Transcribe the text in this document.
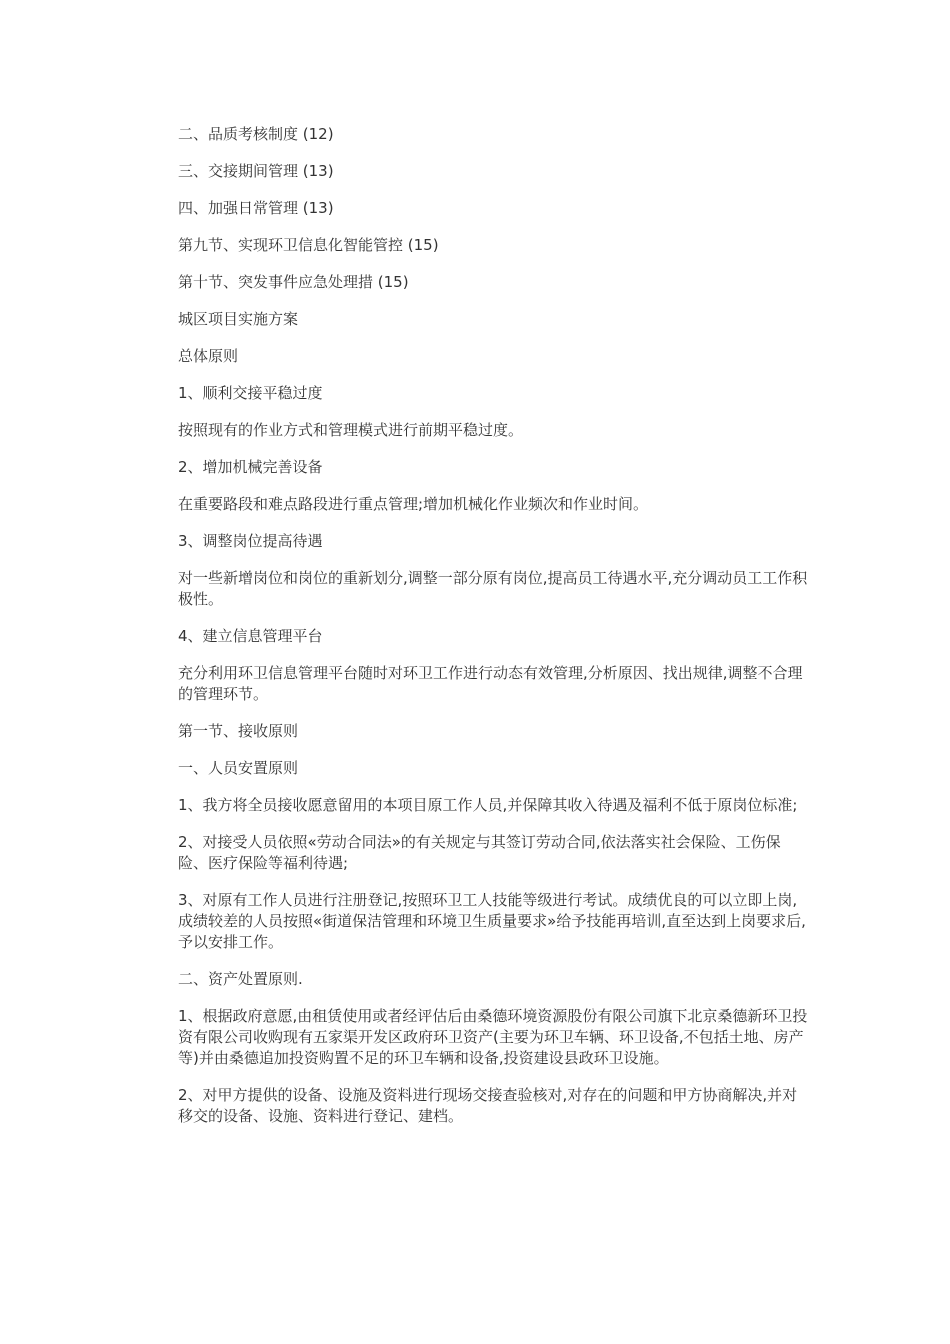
二、品质考核制度 (12)

三、交接期间管理 (13)

四、加强日常管理 (13)

第九节、实现环卫信息化智能管控 (15)

第十节、突发事件应急处理措 (15)

城区项目实施方案

总体原则

1、顺利交接平稳过度

按照现有的作业方式和管理模式进行前期平稳过度。

2、增加机械完善设备

在重要路段和难点路段进行重点管理;增加机械化作业频次和作业时间。

3、调整岗位提高待遇

对一些新增岗位和岗位的重新划分,调整一部分原有岗位,提高员工待遇水平,充分调动员工工作积极性。

4、建立信息管理平台

充分利用环卫信息管理平台随时对环卫工作进行动态有效管理,分析原因、找出规律,调整不合理的管理环节。

第一节、接收原则

一、人员安置原则

1、我方将全员接收愿意留用的本项目原工作人员,并保障其收入待遇及福利不低于原岗位标准;

2、对接受人员依照«劳动合同法»的有关规定与其签订劳动合同,依法落实社会保险、工伤保险、医疗保险等福利待遇;

3、对原有工作人员进行注册登记,按照环卫工人技能等级进行考试。成绩优良的可以立即上岗,成绩较差的人员按照«街道保洁管理和环境卫生质量要求»给予技能再培训,直至达到上岗要求后,予以安排工作。

二、资产处置原则.

1、根据政府意愿,由租赁使用或者经评估后由桑德环境资源股份有限公司旗下北京桑德新环卫投资有限公司收购现有五家渠开发区政府环卫资产(主要为环卫车辆、环卫设备,不包括土地、房产等)并由桑德追加投资购置不足的环卫车辆和设备,投资建设县政环卫设施。

2、对甲方提供的设备、设施及资料进行现场交接查验核对,对存在的问题和甲方协商解决,并对移交的设备、设施、资料进行登记、建档。
